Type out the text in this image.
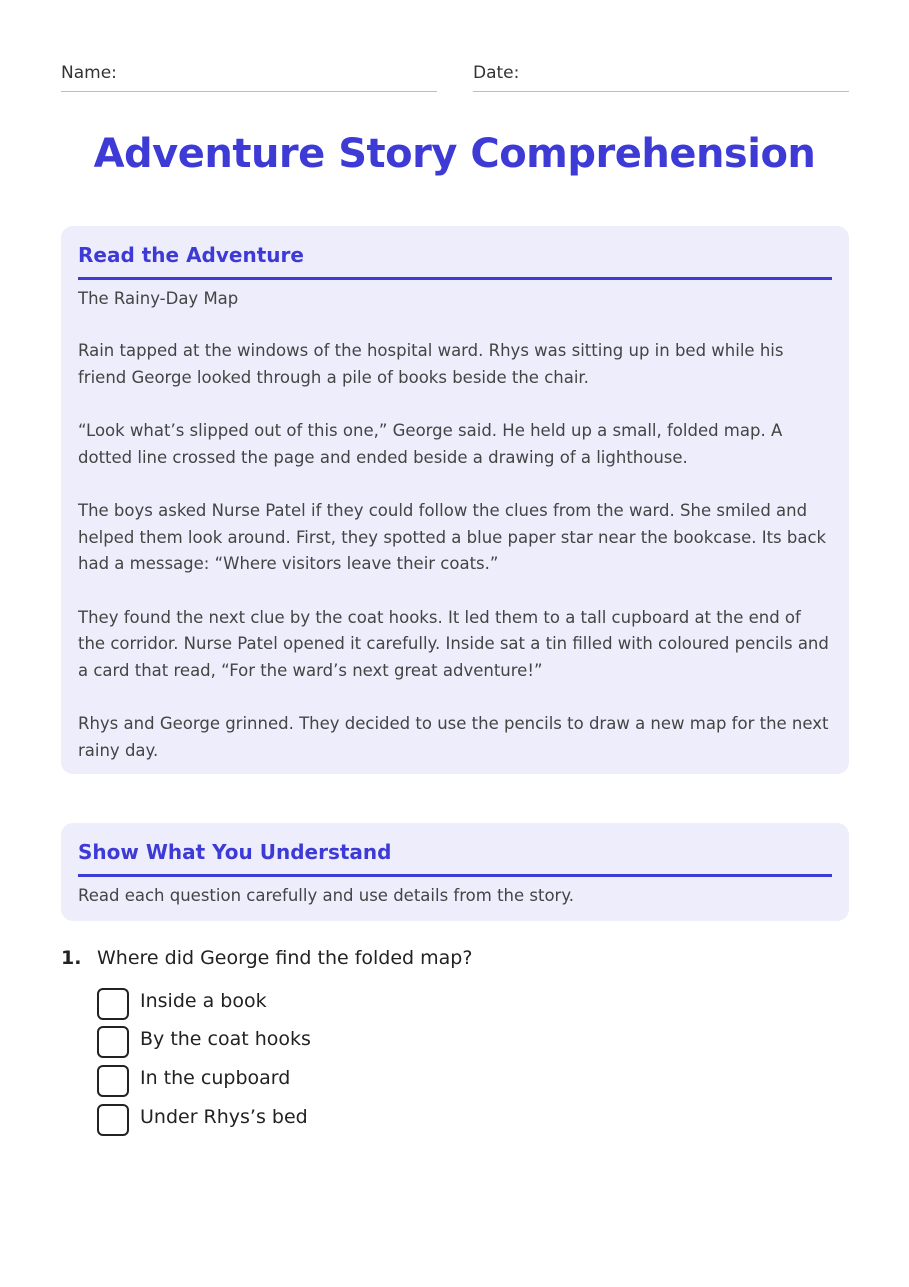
Name:	Date:
Adventure Story Comprehension
Read the Adventure

The Rainy-Day Map

Rain tapped at the windows of the hospital ward. Rhys was sitting up in bed while his friend George looked through a pile of books beside the chair.

“Look what’s slipped out of this one,” George said. He held up a small, folded map. A dotted line crossed the page and ended beside a drawing of a lighthouse.

The boys asked Nurse Patel if they could follow the clues from the ward. She smiled and helped them look around. First, they spotted a blue paper star near the bookcase. Its back had a message: “Where visitors leave their coats.”

They found the next clue by the coat hooks. It led them to a tall cupboard at the end of the corridor. Nurse Patel opened it carefully. Inside sat a tin filled with coloured pencils and a card that read, “For the ward’s next great adventure!”

Rhys and George grinned. They decided to use the pencils to draw a new map for the next rainy day.

Show What You Understand

Read each question carefully and use details from the story.

1. Where did George find the folded map?
Inside a book
By the coat hooks
In the cupboard
Under Rhys’s bed
